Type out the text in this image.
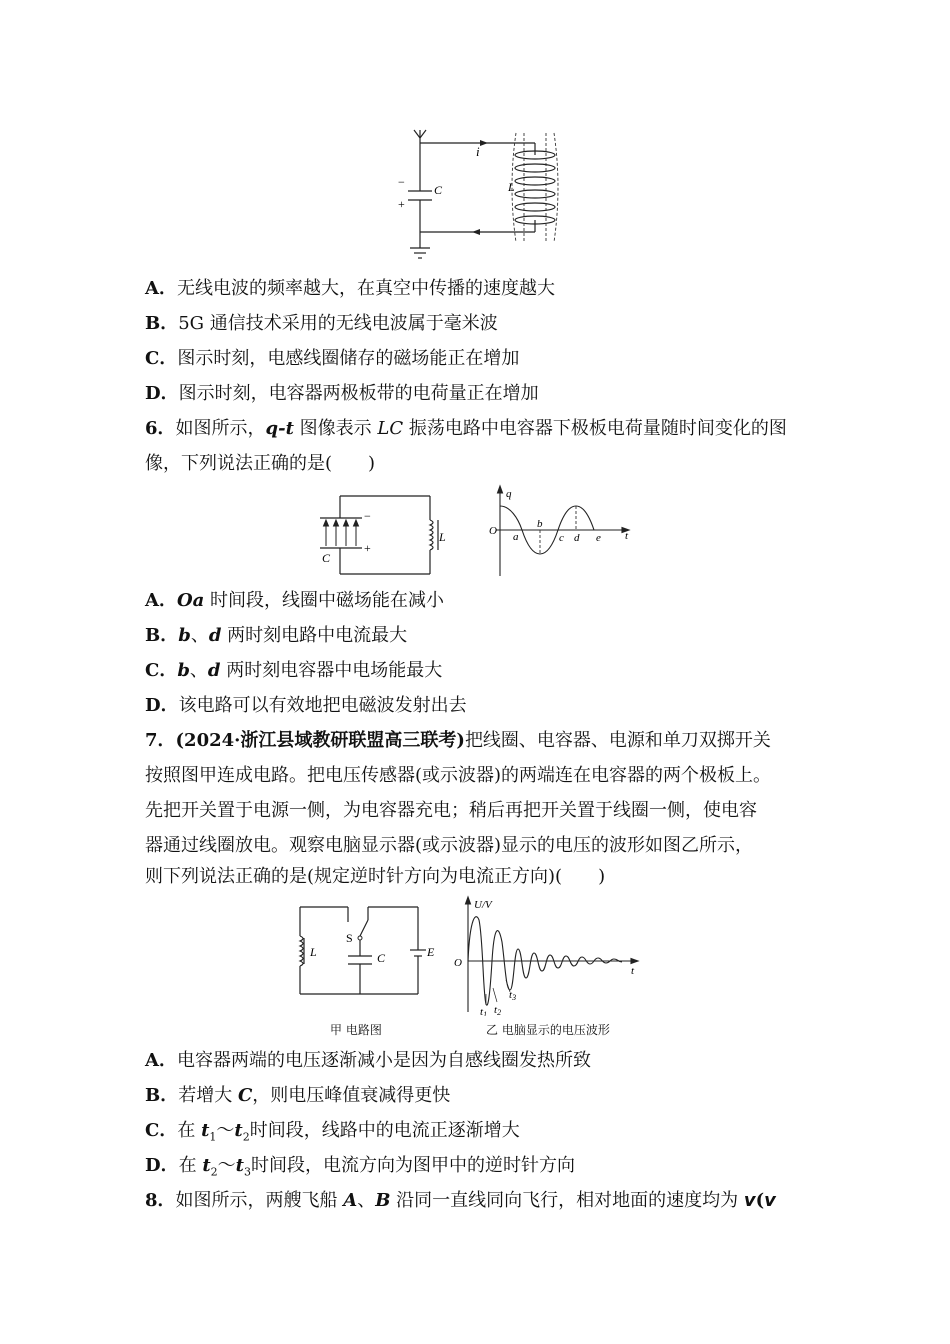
i
C	L
−
+
A．无线电波的频率越大，在真空中传播的速度越大
B．5G 通信技术采用的无线电波属于毫米波
C．图示时刻，电感线圈储存的磁场能正在增加
D．图示时刻，电容器两极板带的电荷量正在增加
6．如图所示，q-t 图像表示 LC 振荡电路中电容器下极板电荷量随时间变化的图
像，下列说法正确的是(　　)
−
+
C
L
q
O	t
a
b
c d e
A．Oa 时间段，线圈中磁场能在减小
B．b、d 两时刻电路中电流最大
C．b、d 两时刻电容器中电场能最大
D．该电路可以有效地把电磁波发射出去
7．(2024·浙江县域教研联盟高三联考)把线圈、电容器、电源和单刀双掷开关
按照图甲连成电路。把电压传感器(或示波器)的两端连在电容器的两个极板上。
先把开关置于电源一侧，为电容器充电；稍后再把开关置于线圈一侧，使电容
器通过线圈放电。观察电脑显示器(或示波器)显示的电压的波形如图乙所示，
则下列说法正确的是(规定逆时针方向为电流正方向)(　　)
L
S
C	E
U/V
O
t
t1 t2
t3
甲 电路图	乙 电脑显示的电压波形
A．电容器两端的电压逐渐减小是因为自感线圈发热所致
B．若增大 C，则电压峰值衰减得更快
C．在 $t_1\sim t_2$时间段，线路中的电流正逐渐增大
D．在 $t_2\sim t_3$时间段，电流方向为图甲中的逆时针方向
8．如图所示，两艘飞船 A、B 沿同一直线同向飞行，相对地面的速度均为 v(v
